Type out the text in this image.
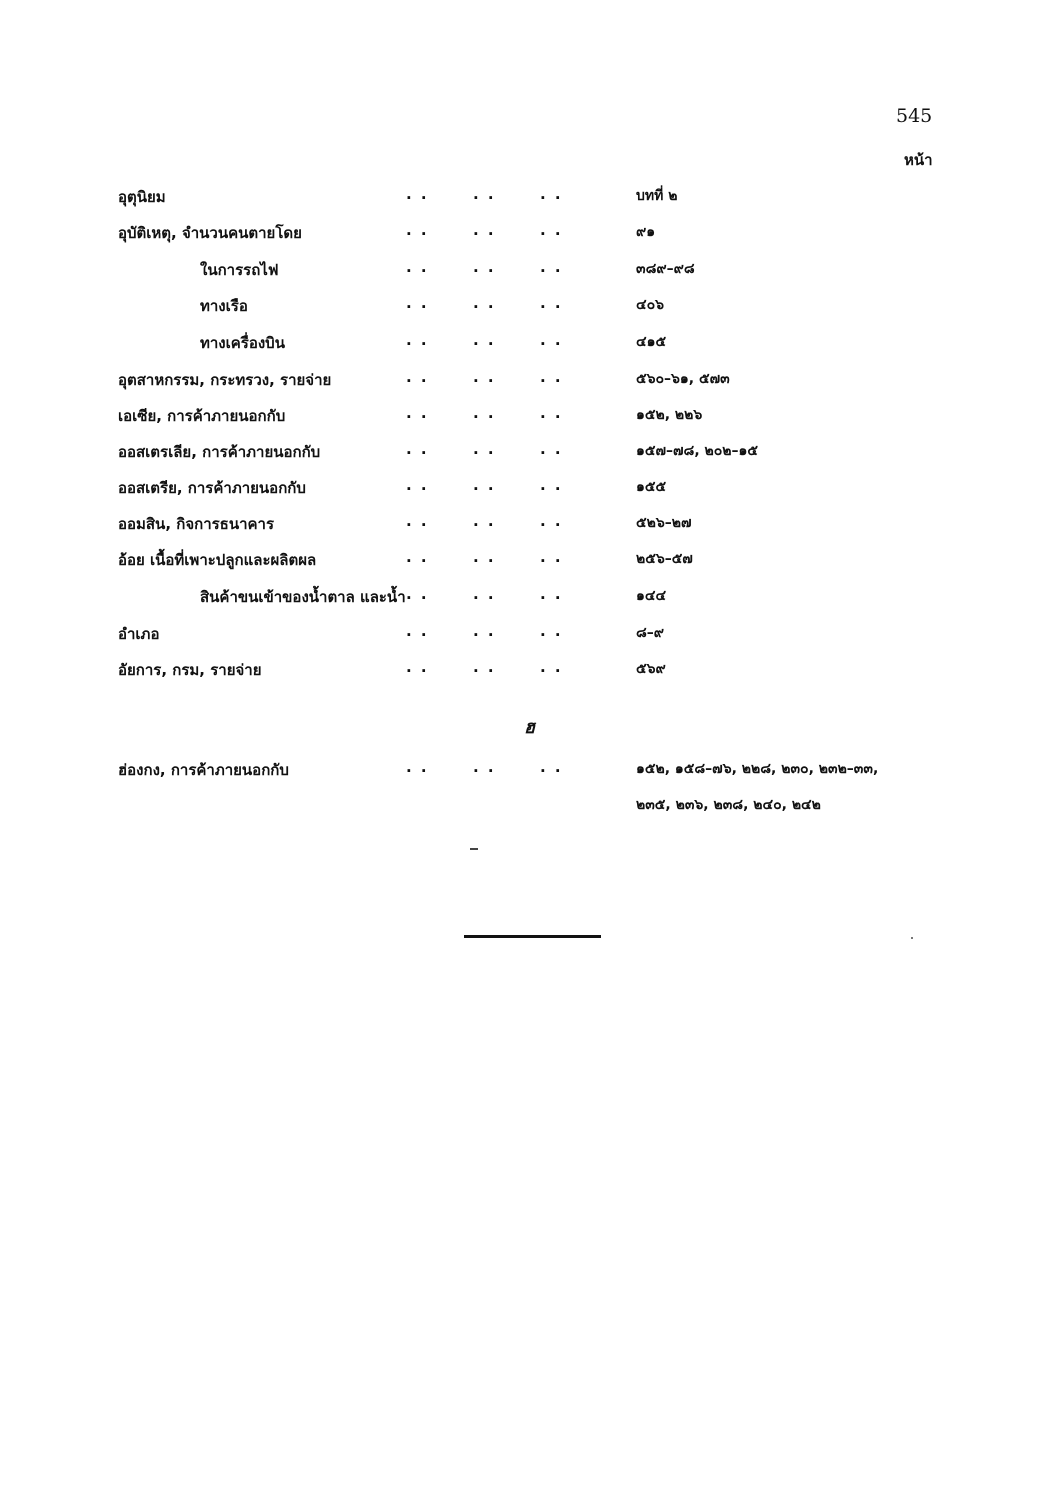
545
หน้า
อุตุนิยม	. .	. .	. .	บทที่ ๒
อุบัติเหตุ, จำนวนคนตายโดย	. .	. .	. .	๙๑
ในการรถไฟ	. .	. .	. .	๓๘๙–๙๘
ทางเรือ	. .	. .	. .	๔๐๖
ทางเครื่องบิน	. .	. .	. .	๔๑๕
อุตสาหกรรม, กระทรวง, รายจ่าย	. .	. .	. .	๕๖๐–๖๑, ๕๗๓
เอเซีย, การค้าภายนอกกับ	. .	. .	. .	๑๕๒, ๒๒๖
ออสเตรเลีย, การค้าภายนอกกับ	. .	. .	. .	๑๕๗–๗๘, ๒๐๒–๑๕
ออสเตรีย, การค้าภายนอกกับ	. .	. .	. .	๑๕๕
ออมสิน, กิจการธนาคาร	. .	. .	. .	๕๒๖–๒๗
อ้อย เนื้อที่เพาะปลูกและผลิตผล	. .	. .	. .	๒๕๖–๕๗
สินค้าขนเข้าของน้ำตาล และน้ำ . .	. .	. .	๑๔๔
อำเภอ	. .	. .	. .	๘–๙
อัยการ, กรม, รายจ่าย	. .	. .	. .	๕๖๙
ฮ
ฮ่องกง, การค้าภายนอกกับ	. .	. .	. .	๑๕๒, ๑๕๘–๗๖, ๒๒๘, ๒๓๐, ๒๓๒–๓๓,
๒๓๕, ๒๓๖, ๒๓๘, ๒๔๐, ๒๔๒
